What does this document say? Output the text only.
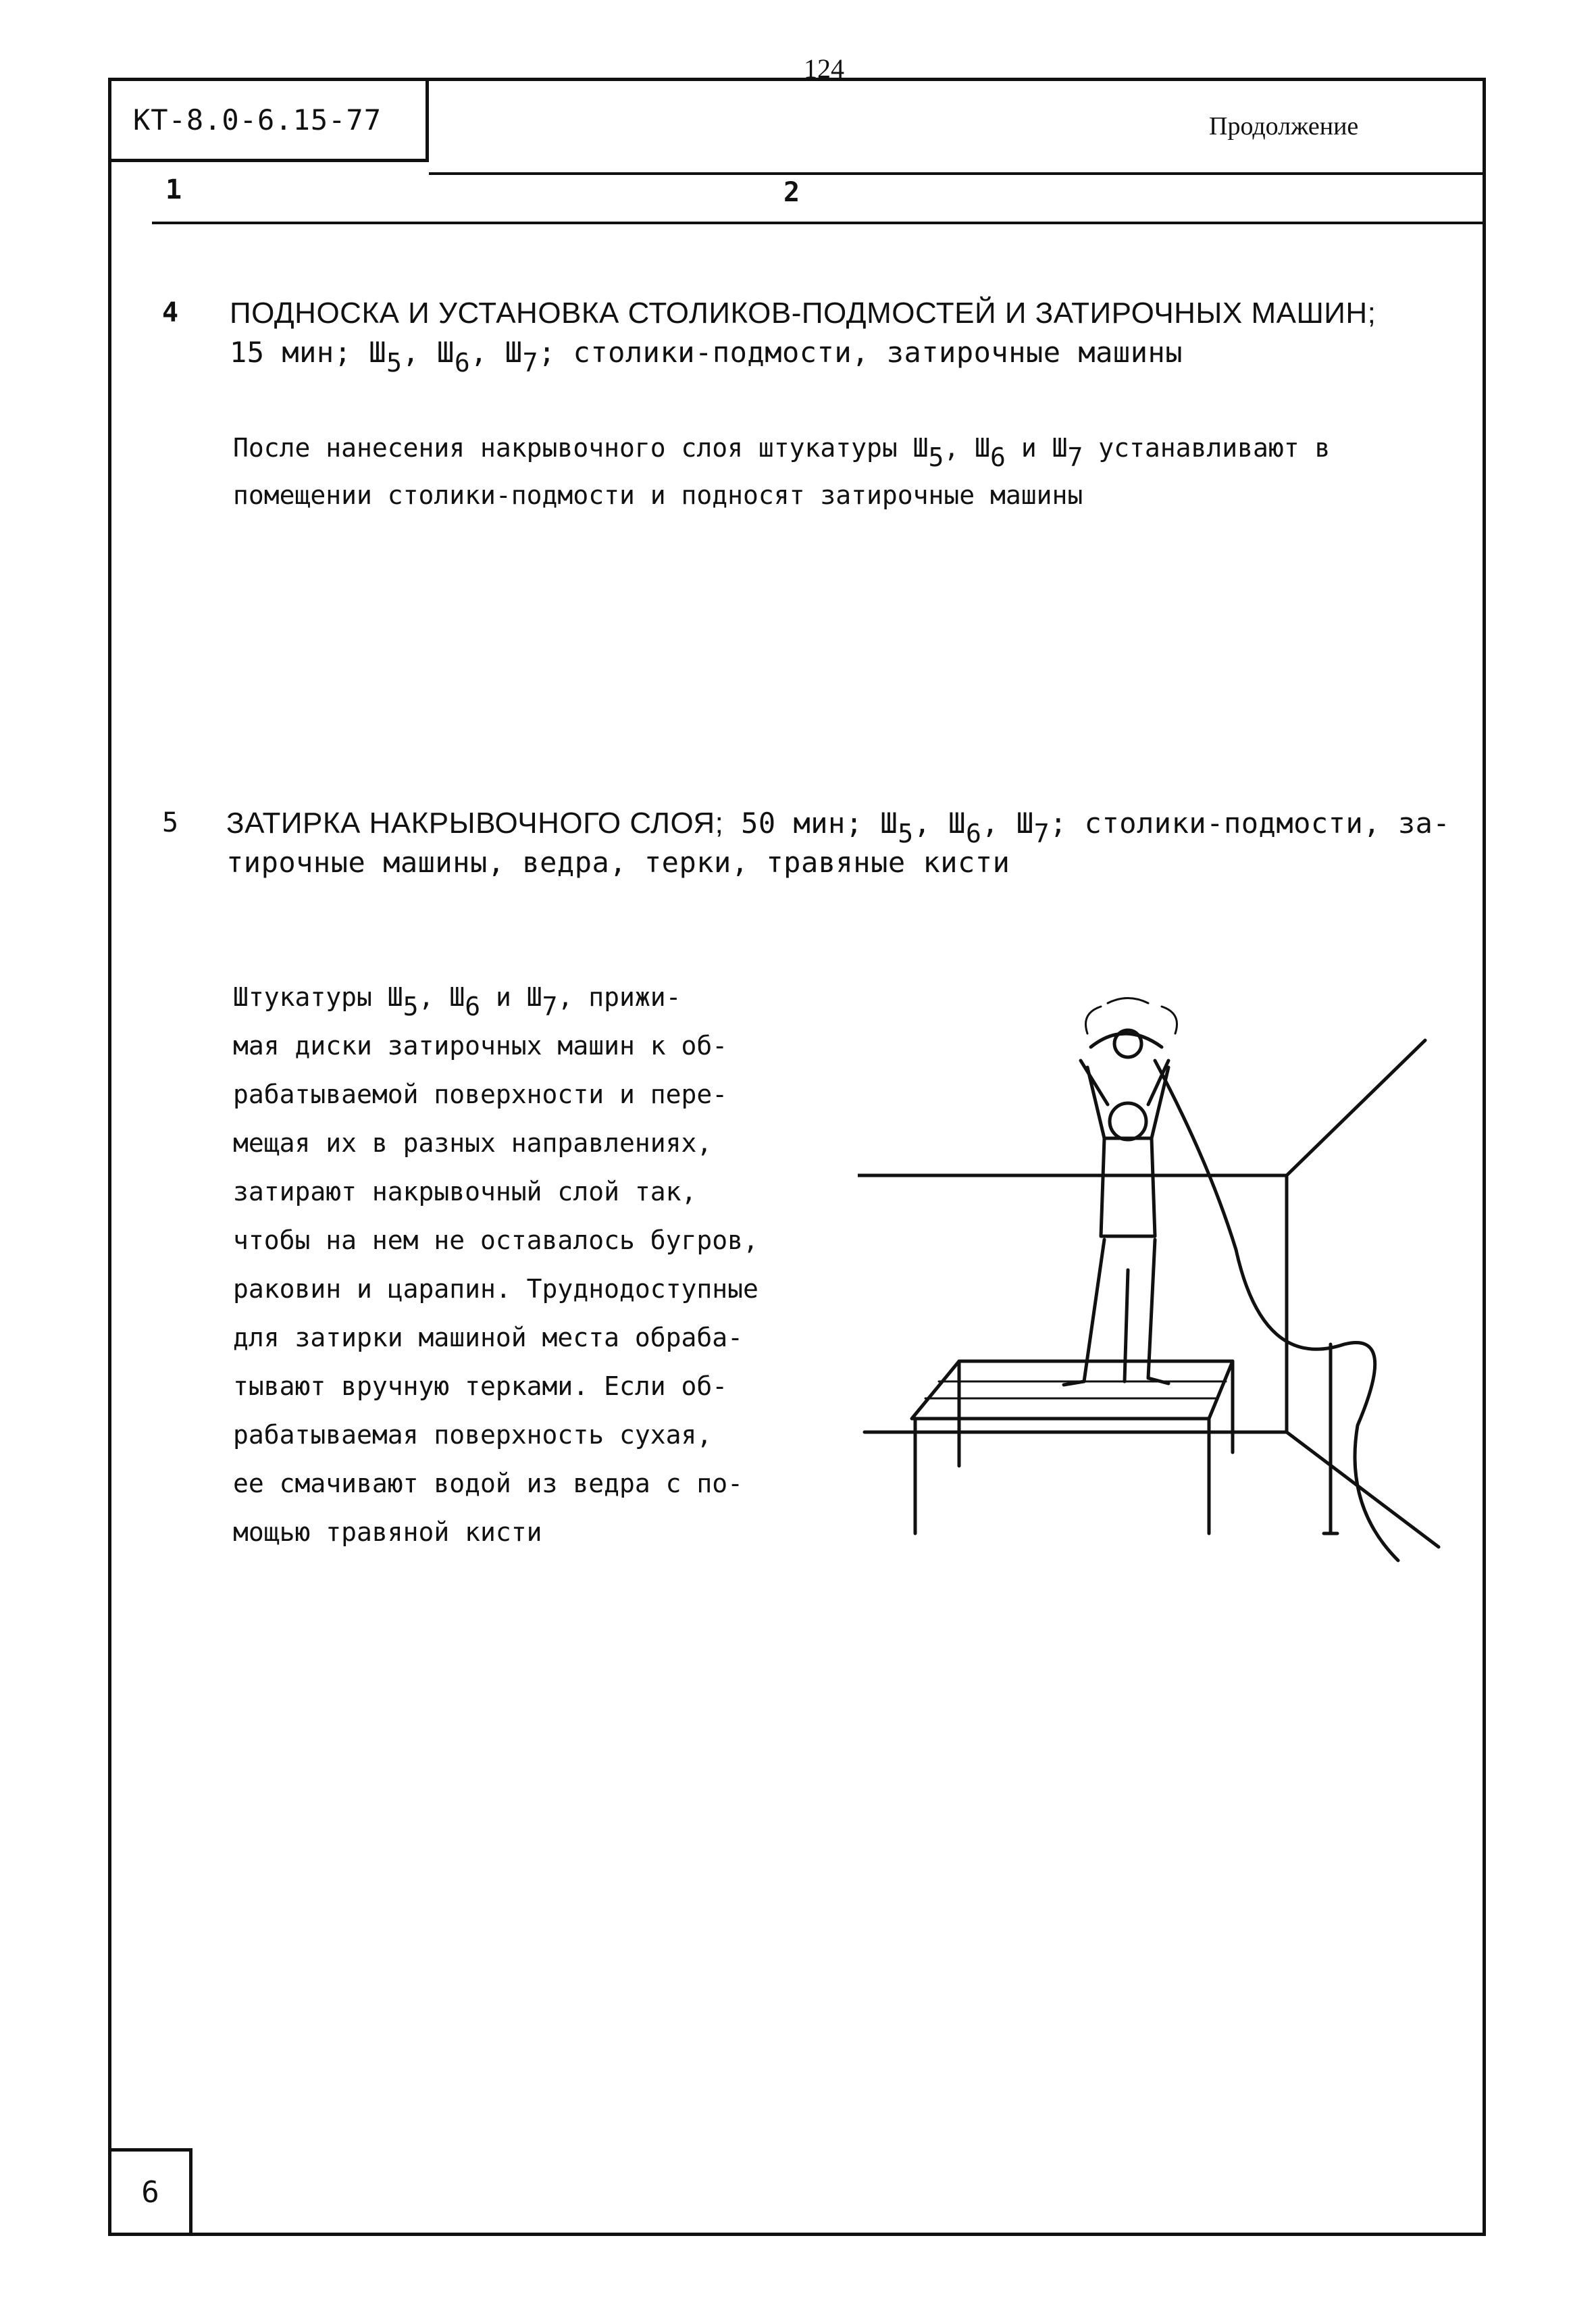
124
КТ-8.0-6.15-77	Продолжение
1	2
4 ПОДНОСКА И УСТАНОВКА СТОЛИКОВ-ПОДМОСТЕЙ И ЗАТИРОЧНЫХ МАШИН;
15 мин; $Ш_5$, $Ш_6$, $Ш_7$; столики-подмости, затирочные машины
После нанесения накрывочного слоя штукатуры $Ш_5$, $Ш_6$ и $Ш_7$ устанавливают в
помещении столики-подмости и подносят затирочные машины
5 ЗАТИРКА НАКРЫВОЧНОГО СЛОЯ; 50 мин; $Ш_5$, $Ш_6$, $Ш_7$; столики-подмости, за-
тирочные машины, ведра, терки, травяные кисти
Штукатуры $Ш_5$, $Ш_6$ и $Ш_7$, прижи-
мая диски затирочных машин к об-
рабатываемой поверхности и пере-
мещая их в разных направлениях,
затирают накрывочный слой так,
чтобы на нем не оставалось бугров,
раковин и царапин. Труднодоступные
для затирки машиной места обраба-
тывают вручную терками. Если об-
рабатываемая поверхность сухая,
ее смачивают водой из ведра с по-
мощью травяной кисти
6
